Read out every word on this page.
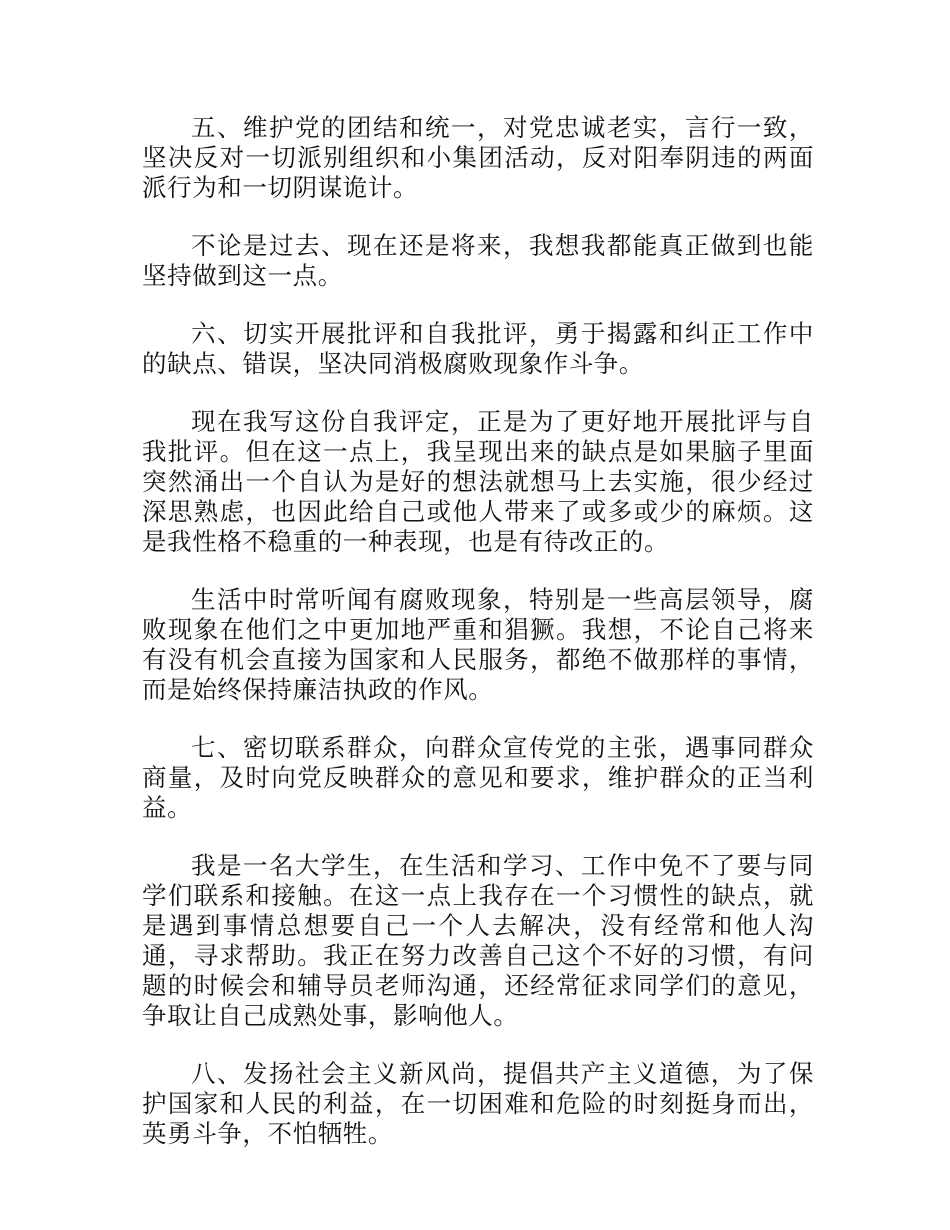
五、维护党的团结和统一，对党忠诚老实，言行一致，坚决反对一切派别组织和小集团活动，反对阳奉阴违的两面派行为和一切阴谋诡计。

不论是过去、现在还是将来，我想我都能真正做到也能坚持做到这一点。

六、切实开展批评和自我批评，勇于揭露和纠正工作中的缺点、错误，坚决同消极腐败现象作斗争。

现在我写这份自我评定，正是为了更好地开展批评与自我批评。但在这一点上，我呈现出来的缺点是如果脑子里面突然涌出一个自认为是好的想法就想马上去实施，很少经过深思熟虑，也因此给自己或他人带来了或多或少的麻烦。这是我性格不稳重的一种表现，也是有待改正的。

生活中时常听闻有腐败现象，特别是一些高层领导，腐败现象在他们之中更加地严重和猖獗。我想，不论自己将来有没有机会直接为国家和人民服务，都绝不做那样的事情，而是始终保持廉洁执政的作风。

七、密切联系群众，向群众宣传党的主张，遇事同群众商量，及时向党反映群众的意见和要求，维护群众的正当利益。

我是一名大学生，在生活和学习、工作中免不了要与同学们联系和接触。在这一点上我存在一个习惯性的缺点，就是遇到事情总想要自己一个人去解决，没有经常和他人沟通，寻求帮助。我正在努力改善自己这个不好的习惯，有问题的时候会和辅导员老师沟通，还经常征求同学们的意见，争取让自己成熟处事，影响他人。

八、发扬社会主义新风尚，提倡共产主义道德，为了保护国家和人民的利益，在一切困难和危险的时刻挺身而出，英勇斗争，不怕牺牲。
